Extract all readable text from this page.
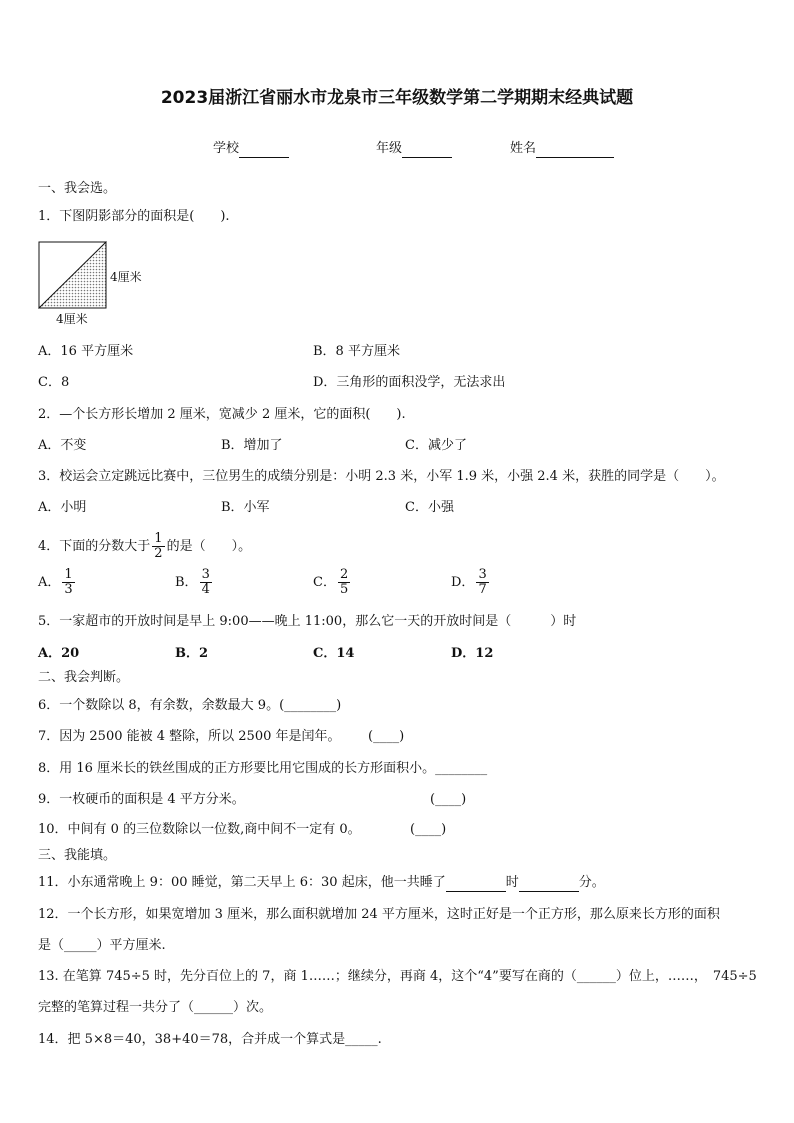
2023届浙江省丽水市龙泉市三年级数学第二学期期末经典试题
学校	年级	姓名
一、我会选。
1．下图阴影部分的面积是(　　).
4厘米
4厘米
A．16 平方厘米	B．8 平方厘米
C．8	D．三角形的面积没学，无法求出
2．—个长方形长增加 2 厘米，宽减少 2 厘米，它的面积(　　).
A．不变	B．增加了	C．减少了
3．校运会立定跳远比赛中，三位男生的成绩分别是：小明 2.3 米，小军 1.9 米，小强 2.4 米，获胜的同学是（　　）。
A．小明	B．小军	C．小强
4．下面的分数大于 $\frac{1}{2}$ 的是（　　）。
A． $\frac{1}{3}$	B． $\frac{3}{4}$	C． $\frac{2}{5}$	D． $\frac{3}{7}$
5．一家超市的开放时间是早上 9:00——晚上 11:00，那么它一天的开放时间是（　　　）时
A．20	B．2	C．14	D．12
二、我会判断。
6．一个数除以 8，有余数，余数最大 9。(________)
7．因为 2500 能被 4 整除，所以 2500 年是闰年。 (____)
8．用 16 厘米长的铁丝围成的正方形要比用它围成的长方形面积小。________
9．一枚硬币的面积是 4 平方分米。	(____)
10．中间有 0 的三位数除以一位数,商中间不一定有 0。	(____)
三、我能填。
11．小东通常晚上 9：00 睡觉，第二天早上 6：30 起床，他一共睡了	时	分。
12．一个长方形，如果宽增加 3 厘米，那么面积就增加 24 平方厘米，这时正好是一个正方形，那么原来长方形的面积
是（_____）平方厘米.
13. 在笔算 745÷5 时，先分百位上的 7，商 1……；继续分，再商 4，这个“4”要写在商的（______）位上，……， 745÷5
完整的笔算过程一共分了（______）次。
14．把 5×8＝40，38+40＝78，合并成一个算式是_____.
